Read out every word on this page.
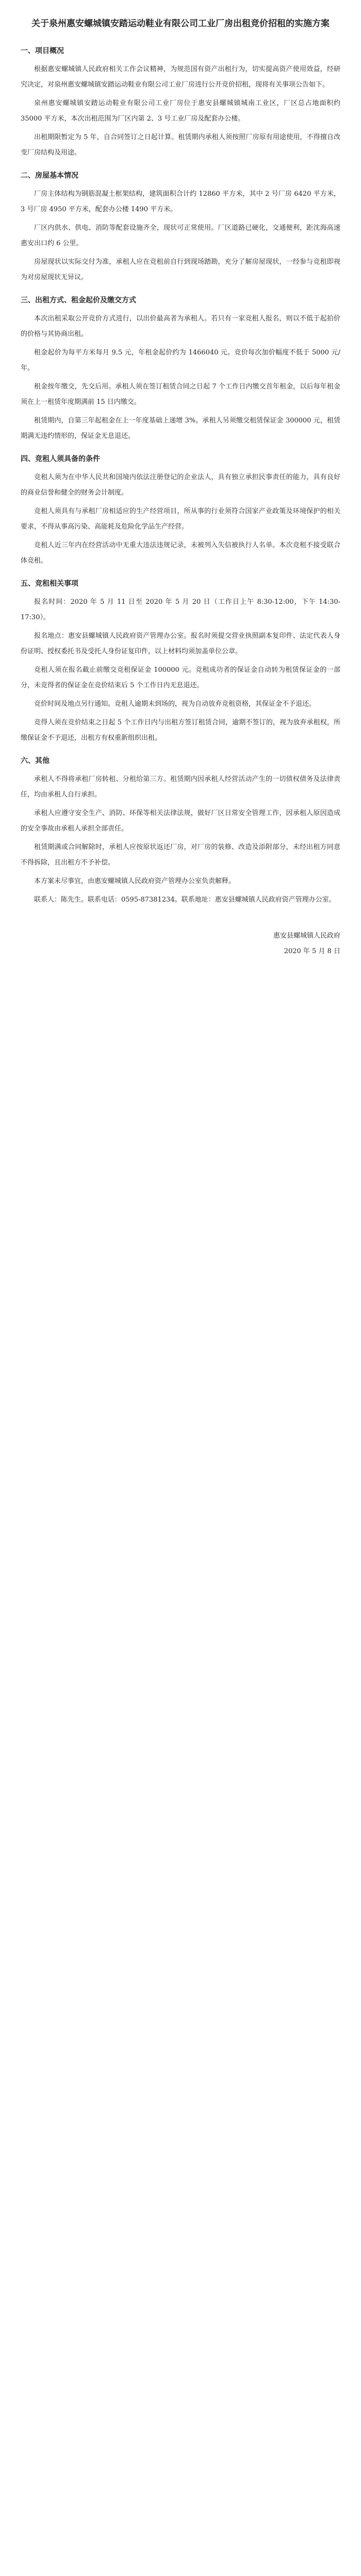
关于泉州惠安螺城镇安踏运动鞋业有限公司工业厂房出租竞价招租的实施方案
一、项目概况

根据惠安螺城镇人民政府相关工作会议精神，为规范国有资产出租行为，切实提高资产使用效益，经研究决定，对泉州惠安螺城镇安踏运动鞋业有限公司工业厂房进行公开竞价招租，现将有关事项公告如下。

泉州惠安螺城镇安踏运动鞋业有限公司工业厂房位于惠安县螺城镇城南工业区，厂区总占地面积约 35000 平方米，本次出租范围为厂区内第 2、3 号工业厂房及配套办公楼。

出租期限暂定为 5 年，自合同签订之日起计算。租赁期内承租人须按照厂房原有用途使用，不得擅自改变厂房结构及用途。

二、房屋基本情况

厂房主体结构为钢筋混凝土框架结构，建筑面积合计约 12860 平方米，其中 2 号厂房 6420 平方米，3 号厂房 4950 平方米，配套办公楼 1490 平方米。

厂区内供水、供电、消防等配套设施齐全，现状可正常使用。厂区道路已硬化，交通便利，距沈海高速惠安出口约 6 公里。

房屋现状以实际交付为准，承租人应在竞租前自行到现场踏勘，充分了解房屋现状，一经参与竞租即视为对房屋现状无异议。

三、出租方式、租金起价及缴交方式

本次出租采取公开竞价方式进行，以出价最高者为承租人。若只有一家竞租人报名，则以不低于起拍价的价格与其协商出租。

租金起价为每平方米每月 9.5 元，年租金起价约为 1466040 元。竞价每次加价幅度不低于 5000 元/年。

租金按年缴交，先交后用。承租人须在签订租赁合同之日起 7 个工作日内缴交首年租金，以后每年租金须在上一租赁年度期满前 15 日内缴交。

租赁期内，自第三年起租金在上一年度基础上递增 3%。承租人另须缴交租赁保证金 300000 元，租赁期满无违约情形的，保证金无息退还。

四、竞租人须具备的条件

竞租人须为在中华人民共和国境内依法注册登记的企业法人，具有独立承担民事责任的能力，具有良好的商业信誉和健全的财务会计制度。

竞租人须具有与承租厂房相适应的生产经营项目，所从事的行业须符合国家产业政策及环境保护的相关要求，不得从事高污染、高能耗及危险化学品生产经营。

竞租人近三年内在经营活动中无重大违法违规记录，未被列入失信被执行人名单。本次竞租不接受联合体竞租。

五、竞租相关事项

报名时间：2020 年 5 月 11 日至 2020 年 5 月 20 日（工作日上午 8:30-12:00，下午 14:30-17:30）。

报名地点：惠安县螺城镇人民政府资产管理办公室。报名时须提交营业执照副本复印件、法定代表人身份证明、授权委托书及受托人身份证复印件，以上材料均须加盖单位公章。

竞租人须在报名截止前缴交竞租保证金 100000 元。竞租成功者的保证金自动转为租赁保证金的一部分，未竞得者的保证金在竞价结束后 5 个工作日内无息退还。

竞价时间及地点另行通知。竞租人逾期未到场的，视为自动放弃竞租资格，其保证金不予退还。

竞得人须在竞价结束之日起 5 个工作日内与出租方签订租赁合同，逾期不签订的，视为放弃承租权，所缴保证金不予退还，出租方有权重新组织出租。

六、其他

承租人不得将承租厂房转租、分租给第三方。租赁期内因承租人经营活动产生的一切债权债务及法律责任，均由承租人自行承担。

承租人应遵守安全生产、消防、环保等相关法律法规，做好厂区日常安全管理工作，因承租人原因造成的安全事故由承租人承担全部责任。

租赁期满或合同解除时，承租人应按原状返还厂房，对厂房的装修、改造及添附部分，未经出租方同意不得拆除，且出租方不予补偿。

本方案未尽事宜，由惠安螺城镇人民政府资产管理办公室负责解释。

联系人：陈先生。联系电话：0595-87381234。联系地址：惠安县螺城镇人民政府资产管理办公室。

惠安县螺城镇人民政府
2020 年 5 月 8 日
